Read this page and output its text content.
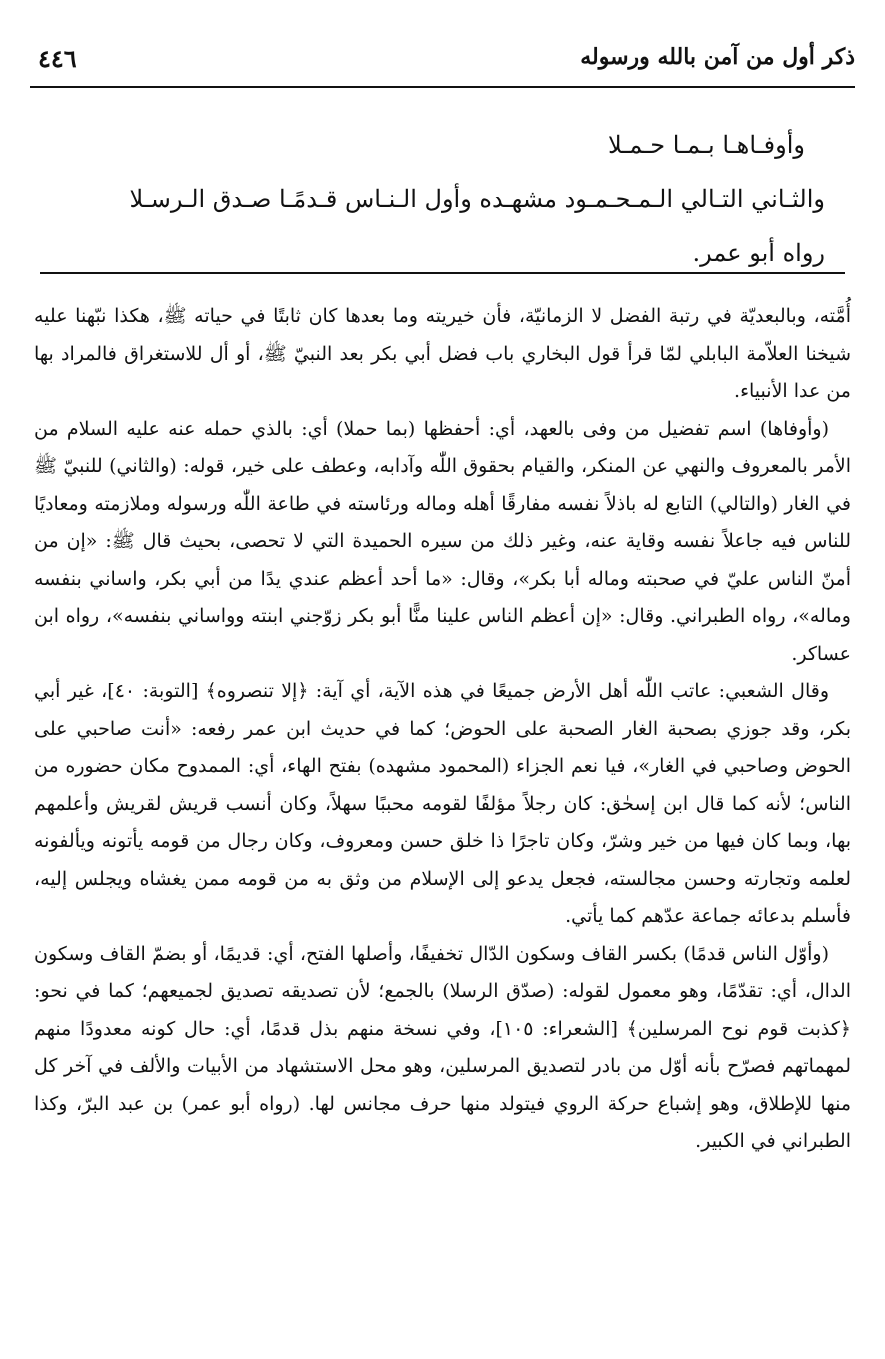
ذكر أول من آمن بالله ورسوله
٤٤٦
وأوفـاهـا بـمـا حـمـلا
والثـاني التـالي الـمـحـمـود مشهـده وأول الـنـاس قـدمًـا صـدق الـرسـلا
رواه أبو عمر.

أُمَّته، وبالبعديّة في رتبة الفضل لا الزمانيّة، فأن خيريته وما بعدها كان ثابتًا في حياته ﷺ، هكذا نبّهنا عليه شيخنا العلاّمة البابلي لمّا قرأ قول البخاري باب فضل أبي بكر بعد النبيّ ﷺ، أو أل للاستغراق فالمراد بها من عدا الأنبياء.

(وأوفاها) اسم تفضيل من وفى بالعهد، أي: أحفظها (بما حملا) أي: بالذي حمله عنه عليه السلام من الأمر بالمعروف والنهي عن المنكر، والقيام بحقوق اللّٰه وآدابه، وعطف على خير، قوله: (والثاني) للنبيّ ﷺ في الغار (والتالي) التابع له باذلاً نفسه مفارقًا أهله وماله ورئاسته في طاعة اللّٰه ورسوله وملازمته ومعاديًا للناس فيه جاعلاً نفسه وقاية عنه، وغير ذلك من سيره الحميدة التي لا تحصى، بحيث قال ﷺ: «إن من أمنّ الناس عليّ في صحبته وماله أبا بكر»، وقال: «ما أحد أعظم عندي يدًا من أبي بكر، واساني بنفسه وماله»، رواه الطبراني. وقال: «إن أعظم الناس علينا منًّا أبو بكر زوّجني ابنته وواساني بنفسه»، رواه ابن عساكر.

وقال الشعبي: عاتب اللّٰه أهل الأرض جميعًا في هذه الآية، أي آية: ﴿إلا تنصروه﴾ [التوبة: ٤٠]، غير أبي بكر، وقد جوزي بصحبة الغار الصحبة على الحوض؛ كما في حديث ابن عمر رفعه: «أنت صاحبي على الحوض وصاحبي في الغار»، فيا نعم الجزاء (المحمود مشهده) بفتح الهاء، أي: الممدوح مكان حضوره من الناس؛ لأنه كما قال ابن إسحٰق: كان رجلاً مؤلفًا لقومه محببًا سهلاً، وكان أنسب قريش لقريش وأعلمهم بها، وبما كان فيها من خير وشرّ، وكان تاجرًا ذا خلق حسن ومعروف، وكان رجال من قومه يأتونه ويألفونه لعلمه وتجارته وحسن مجالسته، فجعل يدعو إلى الإسلام من وثق به من قومه ممن يغشاه ويجلس إليه، فأسلم بدعائه جماعة عدّهم كما يأتي.

(وأوّل الناس قدمًا) بكسر القاف وسكون الدّال تخفيفًا، وأصلها الفتح، أي: قديمًا، أو بضمّ القاف وسكون الدال، أي: تقدّمًا، وهو معمول لقوله: (صدّق الرسلا) بالجمع؛ لأن تصديقه تصديق لجميعهم؛ كما في نحو: ﴿كذبت قوم نوح المرسلين﴾ [الشعراء: ١٠٥]، وفي نسخة منهم بذل قدمًا، أي: حال كونه معدودًا منهم لمهماتهم فصرّح بأنه أوّل من بادر لتصديق المرسلين، وهو محل الاستشهاد من الأبيات والألف في آخر كل منها للإطلاق، وهو إشباع حركة الروي فيتولد منها حرف مجانس لها. (رواه أبو عمر) بن عبد البرّ، وكذا الطبراني في الكبير.
